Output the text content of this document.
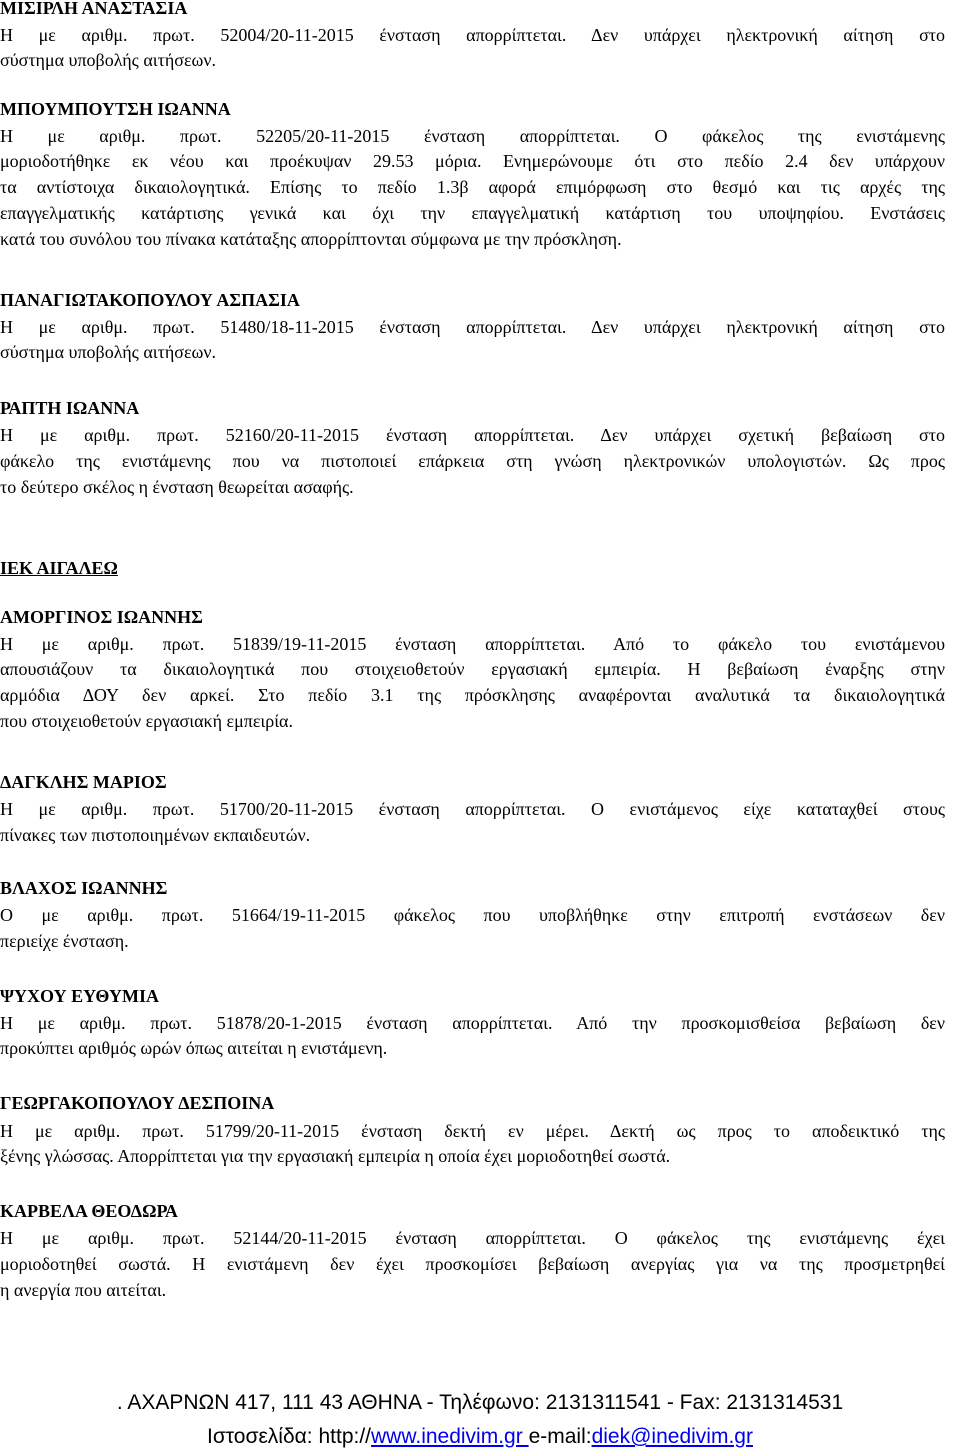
ΜΙΣΙΡΛΗ ΑΝΑΣΤΑΣΙΑ
Η με αριθμ. πρωτ. 52004/20-11-2015 ένσταση απορρίπτεται. Δεν υπάρχει ηλεκτρονική αίτηση στο
σύστημα υποβολής αιτήσεων.
ΜΠΟΥΜΠΟΥΤΣΗ ΙΩΑΝΝΑ
Η με αριθμ. πρωτ. 52205/20-11-2015 ένσταση απορρίπτεται. Ο φάκελος της ενιστάμενης
μοριοδοτήθηκε εκ νέου και προέκυψαν 29.53 μόρια. Ενημερώνουμε ότι στο πεδίο 2.4 δεν υπάρχουν
τα αντίστοιχα δικαιολογητικά. Επίσης το πεδίο 1.3β αφορά επιμόρφωση στο θεσμό και τις αρχές της
επαγγελματικής κατάρτισης γενικά και όχι την επαγγελματική κατάρτιση του υποψηφίου. Ενστάσεις
κατά του συνόλου του πίνακα κατάταξης απορρίπτονται σύμφωνα με την πρόσκληση.
ΠΑΝΑΓΙΩΤΑΚΟΠΟΥΛΟΥ ΑΣΠΑΣΙΑ
Η με αριθμ. πρωτ. 51480/18-11-2015 ένσταση απορρίπτεται. Δεν υπάρχει ηλεκτρονική αίτηση στο
σύστημα υποβολής αιτήσεων.
ΡΑΠΤΗ ΙΩΑΝΝΑ
Η με αριθμ. πρωτ. 52160/20-11-2015 ένσταση απορρίπτεται. Δεν υπάρχει σχετική βεβαίωση στο
φάκελο της ενιστάμενης που να πιστοποιεί επάρκεια στη γνώση ηλεκτρονικών υπολογιστών. Ως προς
το δεύτερο σκέλος η ένσταση θεωρείται ασαφής.
ΙΕΚ ΑΙΓΑΛΕΩ
ΑΜΟΡΓΙΝΟΣ ΙΩΑΝΝΗΣ
Η με αριθμ. πρωτ. 51839/19-11-2015 ένσταση απορρίπτεται. Από το φάκελο του ενιστάμενου
απουσιάζουν τα δικαιολογητικά που στοιχειοθετούν εργασιακή εμπειρία. Η βεβαίωση έναρξης στην
αρμόδια ΔΟΥ δεν αρκεί. Στο πεδίο 3.1 της πρόσκλησης αναφέρονται αναλυτικά τα δικαιολογητικά
που στοιχειοθετούν εργασιακή εμπειρία.
ΔΑΓΚΛΗΣ ΜΑΡΙΟΣ
Η με αριθμ. πρωτ. 51700/20-11-2015 ένσταση απορρίπτεται. Ο ενιστάμενος είχε καταταχθεί στους
πίνακες των πιστοποιημένων εκπαιδευτών.
ΒΛΑΧΟΣ ΙΩΑΝΝΗΣ
Ο με αριθμ. πρωτ. 51664/19-11-2015 φάκελος που υποβλήθηκε στην επιτροπή ενστάσεων δεν
περιείχε ένσταση.
ΨΥΧΟΥ ΕΥΘΥΜΙΑ
Η με αριθμ. πρωτ. 51878/20-1-2015 ένσταση απορρίπτεται. Από την προσκομισθείσα βεβαίωση δεν
προκύπτει αριθμός ωρών όπως αιτείται η ενιστάμενη.
ΓΕΩΡΓΑΚΟΠΟΥΛΟΥ ΔΕΣΠΟΙΝΑ
Η με αριθμ. πρωτ. 51799/20-11-2015 ένσταση δεκτή εν μέρει. Δεκτή ως προς το αποδεικτικό της
ξένης γλώσσας. Απορρίπτεται για την εργασιακή εμπειρία η οποία έχει μοριοδοτηθεί σωστά.
ΚΑΡΒΕΛΑ ΘΕΟΔΩΡΑ
Η με αριθμ. πρωτ. 52144/20-11-2015 ένσταση απορρίπτεται. Ο φάκελος της ενιστάμενης έχει
μοριοδοτηθεί σωστά. Η ενιστάμενη δεν έχει προσκομίσει βεβαίωση ανεργίας για να της προσμετρηθεί
η ανεργία που αιτείται.
. ΑΧΑΡΝΩΝ 417, 111 43 ΑΘΗΝΑ - Τηλέφωνο: 2131311541 - Fax: 2131314531
Ιστοσελίδα: http://www.inedivim.gr e-mail:diek@inedivim.gr
